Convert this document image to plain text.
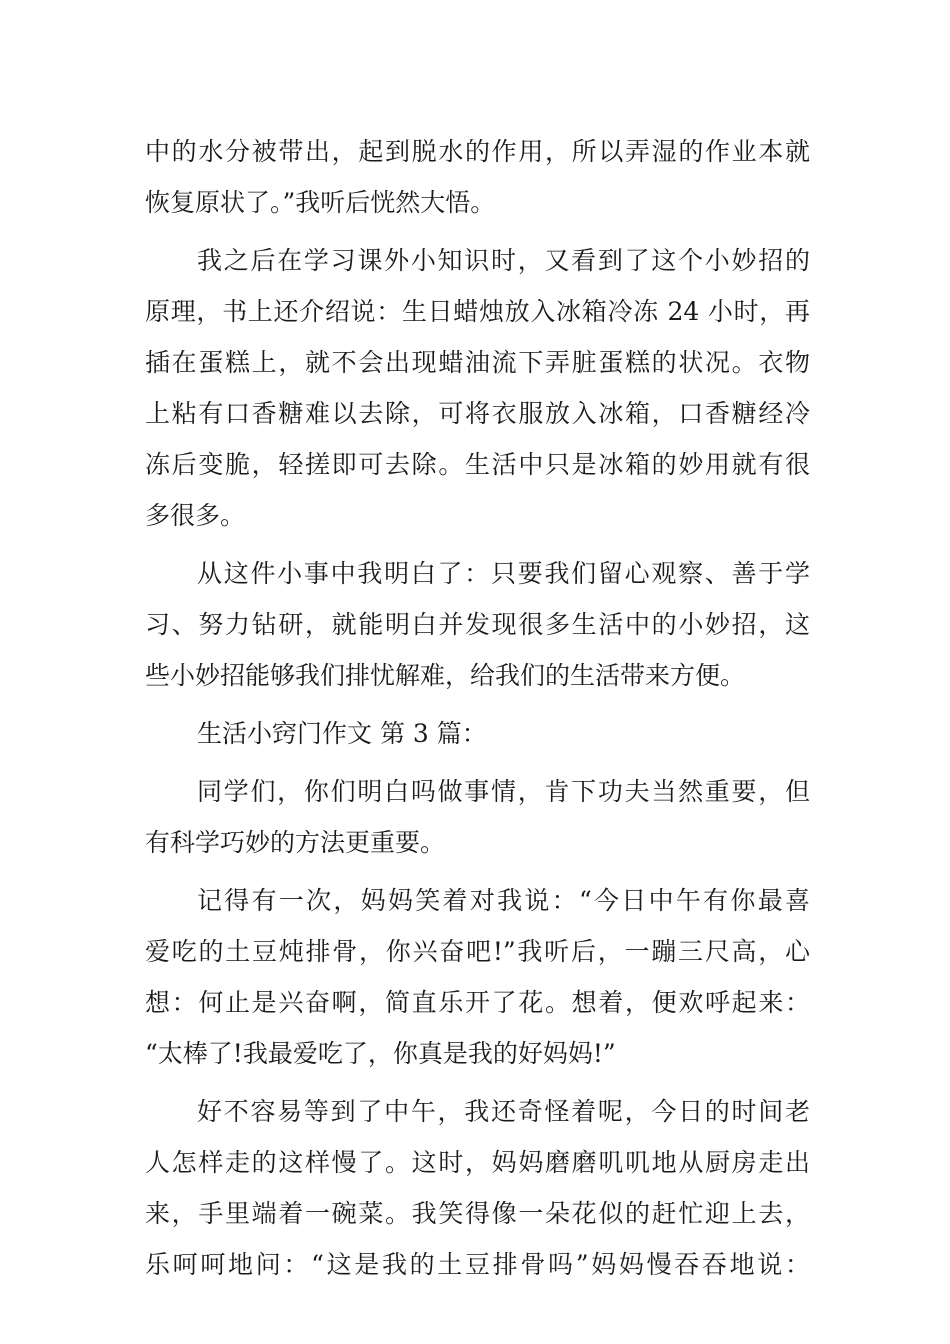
中的水分被带出，起到脱水的作用，所以弄湿的作业本就
恢复原状了。”我听后恍然大悟。
我之后在学习课外小知识时，又看到了这个小妙招的
原理，书上还介绍说：生日蜡烛放入冰箱冷冻 24 小时，再
插在蛋糕上，就不会出现蜡油流下弄脏蛋糕的状况。衣物
上粘有口香糖难以去除，可将衣服放入冰箱，口香糖经冷
冻后变脆，轻搓即可去除。生活中只是冰箱的妙用就有很
多很多。
从这件小事中我明白了：只要我们留心观察、善于学
习、努力钻研，就能明白并发现很多生活中的小妙招，这
些小妙招能够我们排忧解难，给我们的生活带来方便。
生活小窍门作文 第 3 篇：
同学们，你们明白吗做事情，肯下功夫当然重要，但
有科学巧妙的方法更重要。
记得有一次，妈妈笑着对我说：“今日中午有你最喜
爱吃的土豆炖排骨，你兴奋吧!”我听后，一蹦三尺高，心
想：何止是兴奋啊，简直乐开了花。想着，便欢呼起来：
“太棒了!我最爱吃了，你真是我的好妈妈!”
好不容易等到了中午，我还奇怪着呢，今日的时间老
人怎样走的这样慢了。这时，妈妈磨磨叽叽地从厨房走出
来，手里端着一碗菜。我笑得像一朵花似的赶忙迎上去，
乐呵呵地问：“这是我的土豆排骨吗”妈妈慢吞吞地说：
